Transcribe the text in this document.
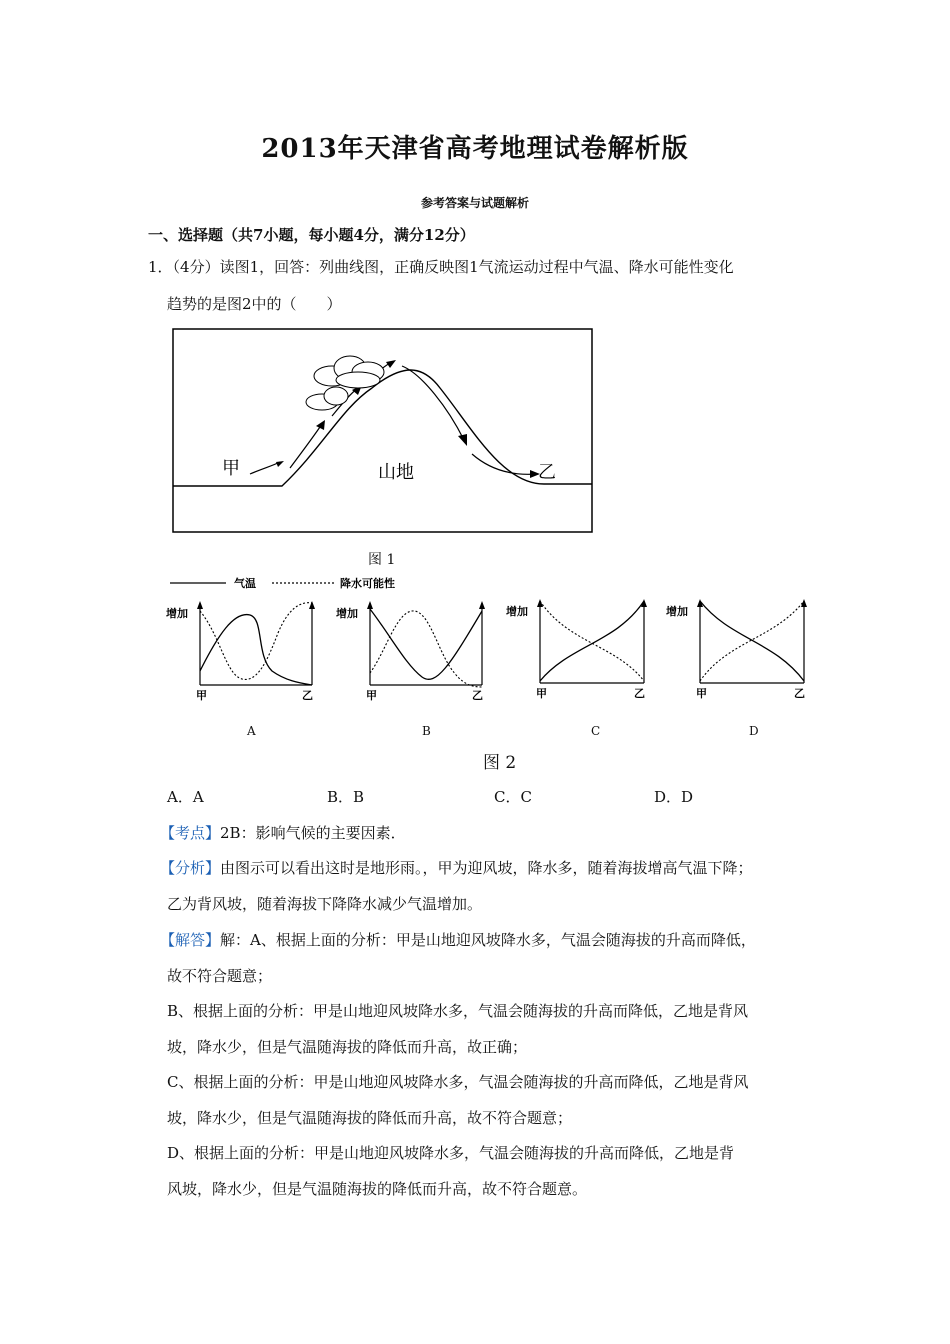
2013年天津省高考地理试卷解析版
参考答案与试题解析
一、选择题（共7小题，每小题4分，满分12分）
1．（4分）读图1，回答：列曲线图，正确反映图1气流运动过程中气温、降水可能性变化
趋势的是图2中的（　　）
甲	山地	乙
图 1
气温	降水可能性
增加
甲	乙
增加
甲	乙
增加
甲	乙
增加
甲	乙
A	B	C	D
图 2
A．A	B．B	C．C	D．D
【考点】2B：影响气候的主要因素．
【分析】由图示可以看出这时是地形雨。，甲为迎风坡，降水多，随着海拔增高气温下降；
乙为背风坡，随着海拔下降降水减少气温增加。
【解答】解：A、根据上面的分析：甲是山地迎风坡降水多，气温会随海拔的升高而降低，
故不符合题意；
B、根据上面的分析：甲是山地迎风坡降水多，气温会随海拔的升高而降低，乙地是背风
坡，降水少，但是气温随海拔的降低而升高，故正确；
C、根据上面的分析：甲是山地迎风坡降水多，气温会随海拔的升高而降低，乙地是背风
坡，降水少，但是气温随海拔的降低而升高，故不符合题意；
D、根据上面的分析：甲是山地迎风坡降水多，气温会随海拔的升高而降低，乙地是背
风坡，降水少，但是气温随海拔的降低而升高，故不符合题意。
